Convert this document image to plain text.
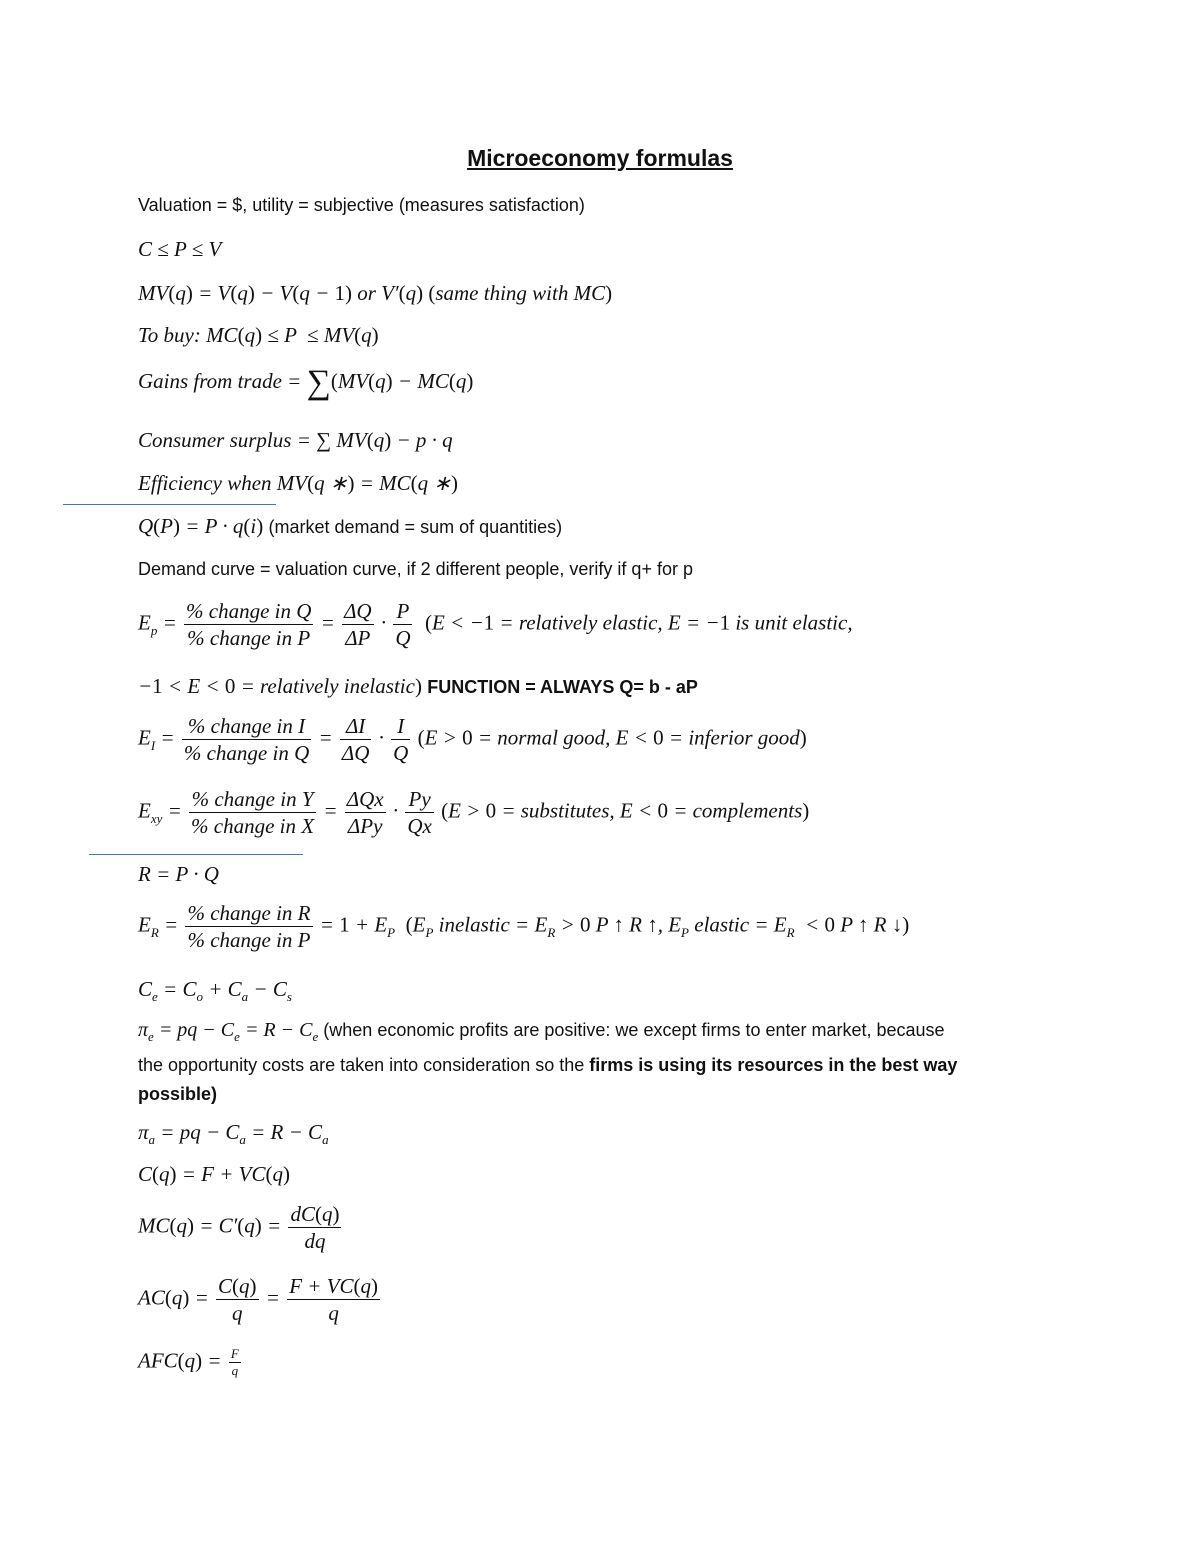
Microeconomy formulas
Valuation = $, utility = subjective (measures satisfaction)
C ≤ P ≤ V
MV(q) = V(q) − V(q − 1) or V′(q) (same thing with MC)
To buy: MC(q) ≤ P  ≤ MV(q)
Gains from trade = ∑(MV(q) − MC(q)
Consumer surplus = ∑ MV(q) − p · q
Efficiency when MV(q ∗) = MC(q ∗)
Q(P) = P · q(i) (market demand = sum of quantities)
Demand curve = valuation curve, if 2 different people, verify if q+ for p
$E_p = \frac{\text{\% change in Q}}{\text{\% change in P}} = \frac{\Delta Q}{\Delta P} \cdot \frac{P}{Q} (E < -1$ = relatively elastic, E = −1 is unit elastic,
−1 < E < 0 = relatively inelastic) FUNCTION = ALWAYS Q= b - aP
$E_I = \frac{\text{\% change in I}}{\text{\% change in Q}} = \frac{\Delta I}{\Delta Q} \cdot \frac{I}{Q} (E > 0$ = normal good, E < 0 = inferior good)
$E_{xy} = \frac{\text{\% change in Y}}{\text{\% change in X}} = \frac{\text{ΔQx}}{\text{ΔPy}} \cdot \frac{Py}{Qx} (E > 0$ = substitutes, E < 0 = complements)
R = P · Q
$E_R = \frac{\text{\% change in R}}{\text{\% change in P}} = 1 + E_P$ ($E_P$ inelastic = $E_R > 0$ P ↑ R ↑, $E_P$ elastic = $E_R < 0$ P ↑ R ↓)
$C_e = C_o + C_a - C_s$
$\pi_e$ = pq − $C_e = R - C_e$ (when economic profits are positive: we except firms to enter market, because
the opportunity costs are taken into consideration so the firms is using its resources in the best way
possible)
$\pi_a$ = pq − $C_a = R - C_a$
C(q) = F + VC(q)
$MC(q) = C'(q) = \frac{dC(q)}{dq}$
$AC(q) = \frac{C(q)}{q} = \frac{F + VC(q)}{q}$
$AFC(q) = \frac{F}{q}$
